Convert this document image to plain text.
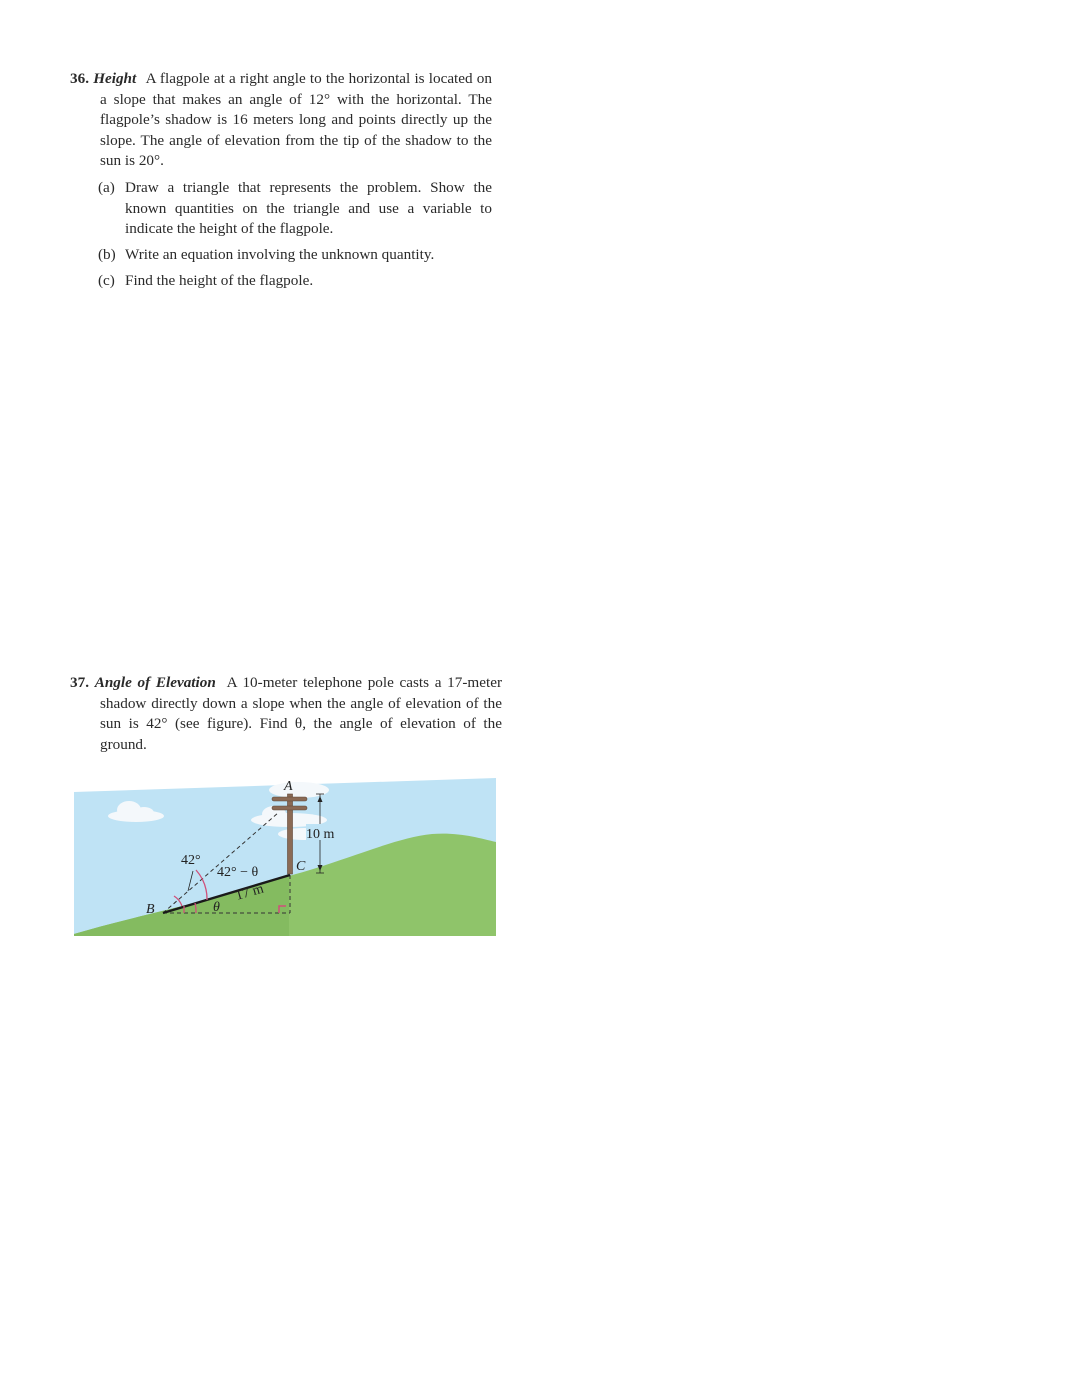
36. Height A flagpole at a right angle to the horizontal is located on a slope that makes an angle of 12° with the horizontal. The flagpole’s shadow is 16 meters long and points directly up the slope. The angle of elevation from the tip of the shadow to the sun is 20°.
(a) Draw a triangle that represents the problem. Show the known quantities on the triangle and use a variable to indicate the height of the flagpole.
(b) Write an equation involving the unknown quantity.
(c) Find the height of the flagpole.
37. Angle of Elevation A 10-meter telephone pole casts a 17-meter shadow directly down a slope when the angle of elevation of the sun is 42° (see figure). Find θ, the angle of elevation of the ground.
A
B
C
10 m
42°
42° − θ
θ
17 m
